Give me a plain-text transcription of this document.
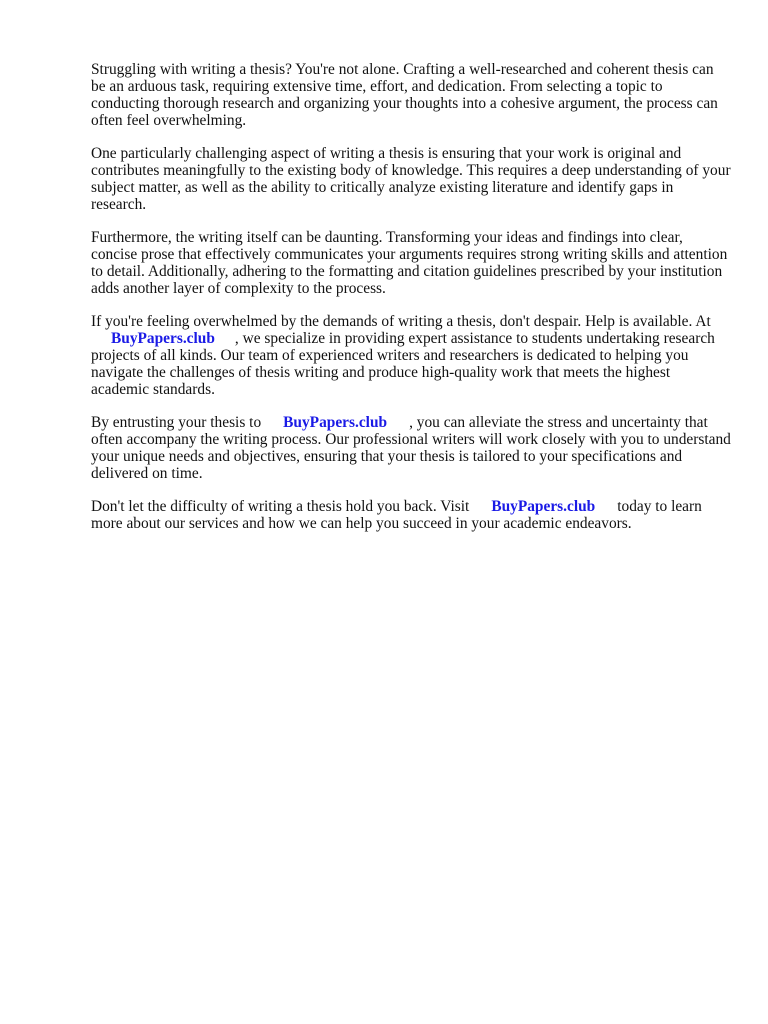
Struggling with writing a thesis? You're not alone. Crafting a well-researched and coherent thesis can be an arduous task, requiring extensive time, effort, and dedication. From selecting a topic to conducting thorough research and organizing your thoughts into a cohesive argument, the process can often feel overwhelming.

One particularly challenging aspect of writing a thesis is ensuring that your work is original and contributes meaningfully to the existing body of knowledge. This requires a deep understanding of your subject matter, as well as the ability to critically analyze existing literature and identify gaps in research.

Furthermore, the writing itself can be daunting. Transforming your ideas and findings into clear, concise prose that effectively communicates your arguments requires strong writing skills and attention to detail. Additionally, adhering to the formatting and citation guidelines prescribed by your institution adds another layer of complexity to the process.

If you're feeling overwhelmed by the demands of writing a thesis, don't despair. Help is available. At
BuyPapers.club , we specialize in providing expert assistance to students undertaking research projects of all kinds. Our team of experienced writers and researchers is dedicated to helping you navigate the challenges of thesis writing and produce high-quality work that meets the highest academic standards.

By entrusting your thesis to BuyPapers.club , you can alleviate the stress and uncertainty that often accompany the writing process. Our professional writers will work closely with you to understand your unique needs and objectives, ensuring that your thesis is tailored to your specifications and delivered on time.

Don't let the difficulty of writing a thesis hold you back. Visit BuyPapers.club today to learn more about our services and how we can help you succeed in your academic endeavors.
